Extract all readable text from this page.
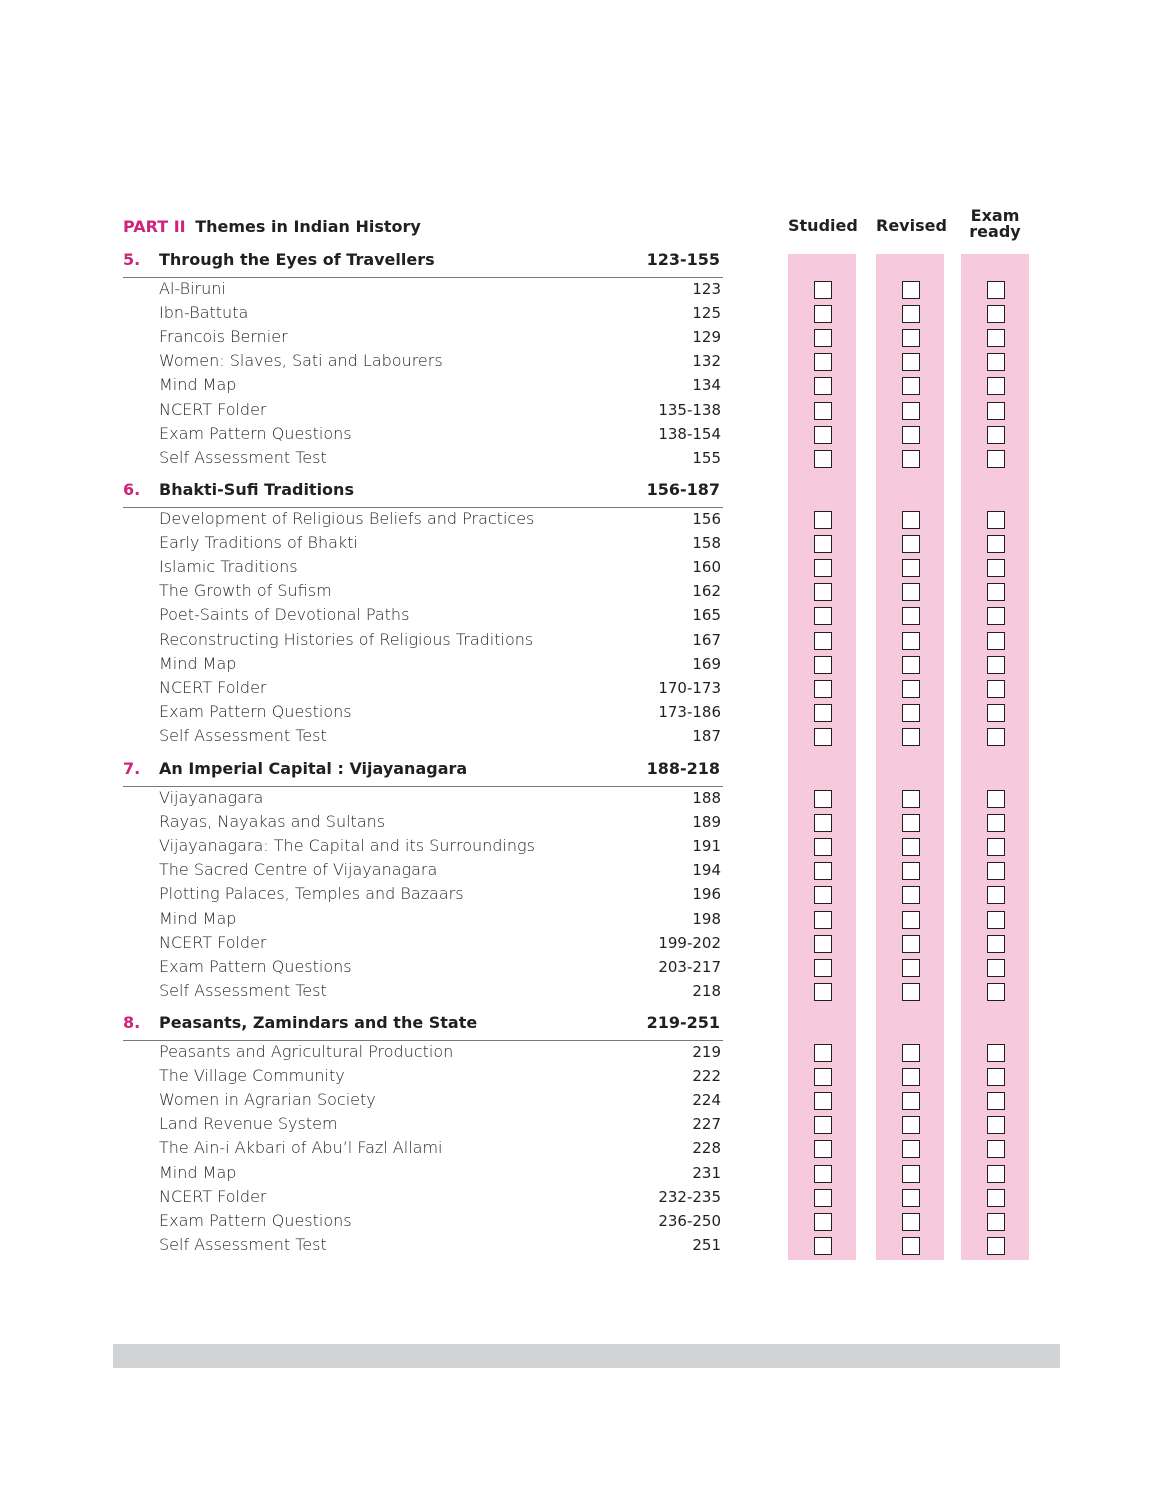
PART II Themes in Indian History	Studied Revised
Exam
ready
5. Through the Eyes of Travellers	123-155
Al-Biruni	123
Ibn-Battuta	125
Francois Bernier	129
Women: Slaves, Sati and Labourers	132
Mind Map	134
NCERT Folder	135-138
Exam Pattern Questions	138-154
Self Assessment Test	155
6. Bhakti-Sufi Traditions	156-187
Development of Religious Beliefs and Practices	156
Early Traditions of Bhakti	158
Islamic Traditions	160
The Growth of Sufism	162
Poet-Saints of Devotional Paths	165
Reconstructing Histories of Religious Traditions	167
Mind Map	169
NCERT Folder	170-173
Exam Pattern Questions	173-186
Self Assessment Test	187
7. An Imperial Capital : Vijayanagara	188-218
Vijayanagara	188
Rayas, Nayakas and Sultans	189
Vijayanagara: The Capital and its Surroundings	191
The Sacred Centre of Vijayanagara	194
Plotting Palaces, Temples and Bazaars	196
Mind Map	198
NCERT Folder	199-202
Exam Pattern Questions	203-217
Self Assessment Test	218
8. Peasants, Zamindars and the State	219-251
Peasants and Agricultural Production	219
The Village Community	222
Women in Agrarian Society	224
Land Revenue System	227
The Ain-i Akbari of Abu’l Fazl Allami	228
Mind Map	231
NCERT Folder	232-235
Exam Pattern Questions	236-250
Self Assessment Test	251
